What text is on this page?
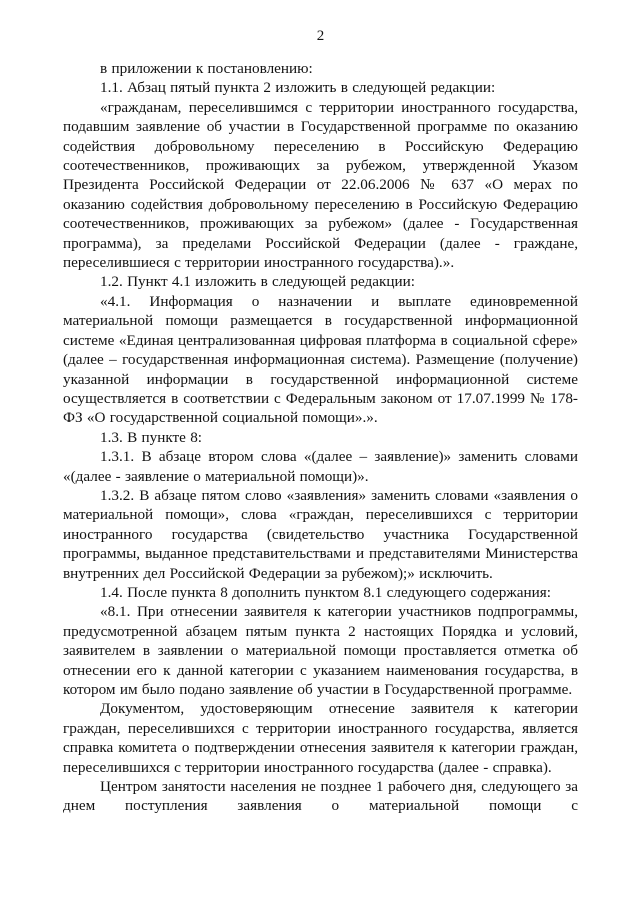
2

в приложении к постановлению:

1.1. Абзац пятый пункта 2 изложить в следующей редакции:

«гражданам, переселившимся с территории иностранного государства, подавшим заявление об участии в Государственной программе по оказанию содействия добровольному переселению в Российскую Федерацию соотечественников, проживающих за рубежом, утвержденной Указом Президента Российской Федерации от 22.06.2006 № 637 «О мерах по оказанию содействия добровольному переселению в Российскую Федерацию соотечественников, проживающих за рубежом» (далее - Государственная программа), за пределами Российской Федерации (далее - граждане, переселившиеся с территории иностранного государства).».

1.2. Пункт 4.1 изложить в следующей редакции:

«4.1. Информация о назначении и выплате единовременной материальной помощи размещается в государственной информационной системе «Единая централизованная цифровая платформа в социальной сфере» (далее – государственная информационная система). Размещение (получение) указанной информации в государственной информационной системе осуществляется в соответствии с Федеральным законом от 17.07.1999 № 178-ФЗ «О государственной социальной помощи».».

1.3. В пункте 8:

1.3.1. В абзаце втором слова «(далее – заявление)» заменить словами «(далее - заявление о материальной помощи)».

1.3.2. В абзаце пятом слово «заявления» заменить словами «заявления о материальной помощи», слова «граждан, переселившихся с территории иностранного государства (свидетельство участника Государственной программы, выданное представительствами и представителями Министерства внутренних дел Российской Федерации за рубежом);» исключить.

1.4. После пункта 8 дополнить пунктом 8.1 следующего содержания:

«8.1. При отнесении заявителя к категории участников подпрограммы, предусмотренной абзацем пятым пункта 2 настоящих Порядка и условий, заявителем в заявлении о материальной помощи проставляется отметка об отнесении его к данной категории с указанием наименования государства, в котором им было подано заявление об участии в Государственной программе.

Документом, удостоверяющим отнесение заявителя к категории граждан, переселившихся с территории иностранного государства, является справка комитета о подтверждении отнесения заявителя к категории граждан, переселившихся с территории иностранного государства (далее - справка).

Центром занятости населения не позднее 1 рабочего дня, следующего за днем поступления заявления о материальной помощи с
